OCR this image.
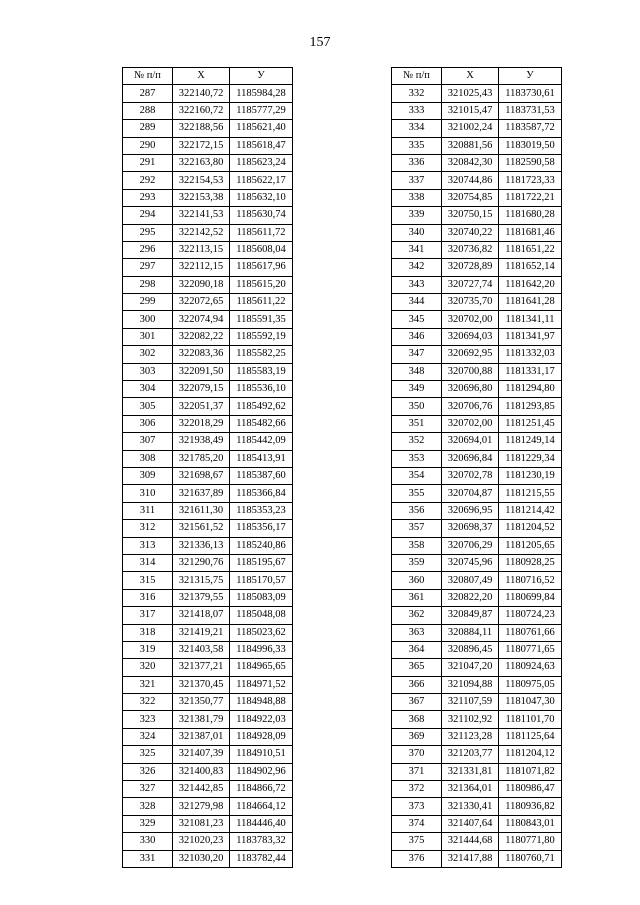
157
№ п/п	Х	У
287	322140,72	1185984,28
288	322160,72	1185777,29
289	322188,56	1185621,40
290	322172,15	1185618,47
291	322163,80	1185623,24
292	322154,53	1185622,17
293	322153,38	1185632,10
294	322141,53	1185630,74
295	322142,52	1185611,72
296	322113,15	1185608,04
297	322112,15	1185617,96
298	322090,18	1185615,20
299	322072,65	1185611,22
300	322074,94	1185591,35
301	322082,22	1185592,19
302	322083,36	1185582,25
303	322091,50	1185583,19
304	322079,15	1185536,10
305	322051,37	1185492,62
306	322018,29	1185482,66
307	321938,49	1185442,09
308	321785,20	1185413,91
309	321698,67	1185387,60
310	321637,89	1185366,84
311	321611,30	1185353,23
312	321561,52	1185356,17
313	321336,13	1185240,86
314	321290,76	1185195,67
315	321315,75	1185170,57
316	321379,55	1185083,09
317	321418,07	1185048,08
318	321419,21	1185023,62
319	321403,58	1184996,33
320	321377,21	1184965,65
321	321370,45	1184971,52
322	321350,77	1184948,88
323	321381,79	1184922,03
324	321387,01	1184928,09
325	321407,39	1184910,51
326	321400,83	1184902,96
327	321442,85	1184866,72
328	321279,98	1184664,12
329	321081,23	1184446,40
330	321020,23	1183783,32
331	321030,20	1183782,44
№ п/п	Х	У
332	321025,43	1183730,61
333	321015,47	1183731,53
334	321002,24	1183587,72
335	320881,56	1183019,50
336	320842,30	1182590,58
337	320744,86	1181723,33
338	320754,85	1181722,21
339	320750,15	1181680,28
340	320740,22	1181681,46
341	320736,82	1181651,22
342	320728,89	1181652,14
343	320727,74	1181642,20
344	320735,70	1181641,28
345	320702,00	1181341,11
346	320694,03	1181341,97
347	320692,95	1181332,03
348	320700,88	1181331,17
349	320696,80	1181294,80
350	320706,76	1181293,85
351	320702,00	1181251,45
352	320694,01	1181249,14
353	320696,84	1181229,34
354	320702,78	1181230,19
355	320704,87	1181215,55
356	320696,95	1181214,42
357	320698,37	1181204,52
358	320706,29	1181205,65
359	320745,96	1180928,25
360	320807,49	1180716,52
361	320822,20	1180699,84
362	320849,87	1180724,23
363	320884,11	1180761,66
364	320896,45	1180771,65
365	321047,20	1180924,63
366	321094,88	1180975,05
367	321107,59	1181047,30
368	321102,92	1181101,70
369	321123,28	1181125,64
370	321203,77	1181204,12
371	321331,81	1181071,82
372	321364,01	1180986,47
373	321330,41	1180936,82
374	321407,64	1180843,01
375	321444,68	1180771,80
376	321417,88	1180760,71
